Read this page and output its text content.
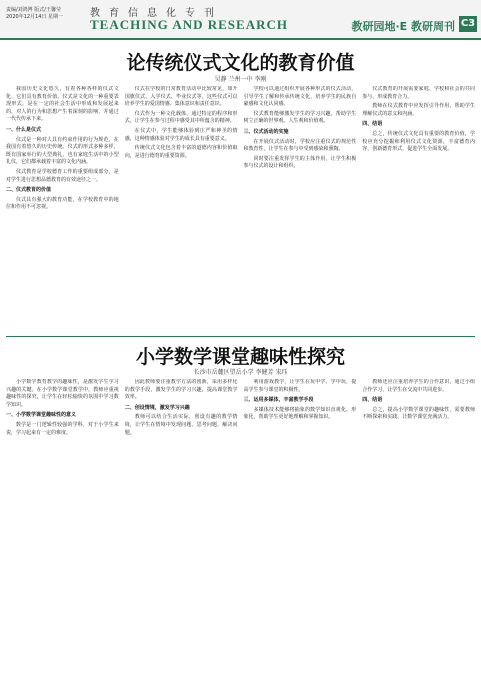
责编/刘鸿博 版式/王馨莹
2020年12月14日 星期一	教育信息化专刊
TEACHING AND RESEARCH	教研园地·E 教研周刊 C3
论传统仪式文化的教育价值
吴静 兰州一中 李刚

我国历史文化悠久，有着各种各样的仪式文化，它们具有教育价值。仪式是文化的一种重要表现形式，是在一定的社会生活中形成和发展起来的，对人的行为和思想产生着深刻的影响，并通过一代代传承下来。

一、什么是仪式

仪式是一种对人具有约束作用的行为规范，在我国有着悠久的历史传统。仪式的形式多种多样，既有国家举行的大型典礼，也有家庭生活中的小型礼仪，它们都承载着丰富的文化内涵。

仪式教育是学校德育工作的重要组成部分，是对学生进行思想品德教育的有效途径之一。

二、仪式教育的价值

仪式具有强大的教育功能，在学校教育中的地位和作用不可忽视。

仪式在学校的日常教育活动中比较常见，如升国旗仪式、入学仪式、毕业仪式等，这些仪式可以培养学生的爱国情感、集体意识和责任意识。

仪式作为一种文化载体，通过特定的程序和形式，让学生在参与过程中感受其中所蕴含的精神。

在仪式中，学生能够体验到庄严和神圣的情感，这种情感体验对学生的成长具有重要意义。

传统仪式文化包含着丰富的道德内容和价值取向，是进行德育的重要资源。

学校可以通过组织开展各种形式的仪式活动，引导学生了解和传承传统文化，培养学生的民族自豪感和文化认同感。

仪式教育能够激发学生的学习兴趣，帮助学生树立正确的世界观、人生观和价值观。

三、仪式活动的实施

在开展仪式活动时，学校应注重仪式的规范性和教育性，让学生在参与中受到感染和熏陶。

同时要注重发挥学生的主体作用，让学生积极参与仪式的设计和组织。

仪式教育的开展需要家庭、学校和社会的共同参与，形成教育合力。

教师在仪式教育中应发挥引导作用，帮助学生理解仪式的意义和内涵。

四、结语

总之，传统仪式文化具有重要的教育价值，学校应充分挖掘和利用仪式文化资源，丰富德育内容，创新德育形式，促进学生全面发展。

小学数学课堂趣味性探究
长沙市岳麓区望岳小学 李健芳 宋珏

小学数学教育教学的趣味性，是激发学生学习兴趣的关键。在小学数学课堂教学中，教师应重视趣味性的探究，让学生在轻松愉快的氛围中学习数学知识。

一、小学数学课堂趣味性的意义

数学是一门逻辑性较强的学科，对于小学生来说，学习起来有一定的难度。

因此教师要注重教学方法的创新，采用多样化的教学手段，激发学生的学习兴趣，提高课堂教学效率。

二、创设情境，激发学习兴趣

教师可以结合生活实际，创设有趣的教学情境，让学生在情境中发现问题、思考问题、解决问题。

利用游戏教学，让学生在玩中学、学中玩，提高学生参与课堂的积极性。

三、运用多媒体，丰富教学手段

多媒体技术能够将抽象的数学知识直观化、形象化，帮助学生更好地理解和掌握知识。

教师还应注重培养学生的合作意识，通过小组合作学习，让学生在交流中共同进步。

四、结语

总之，提高小学数学课堂的趣味性，需要教师不断探索和实践，让数学课堂充满活力。
